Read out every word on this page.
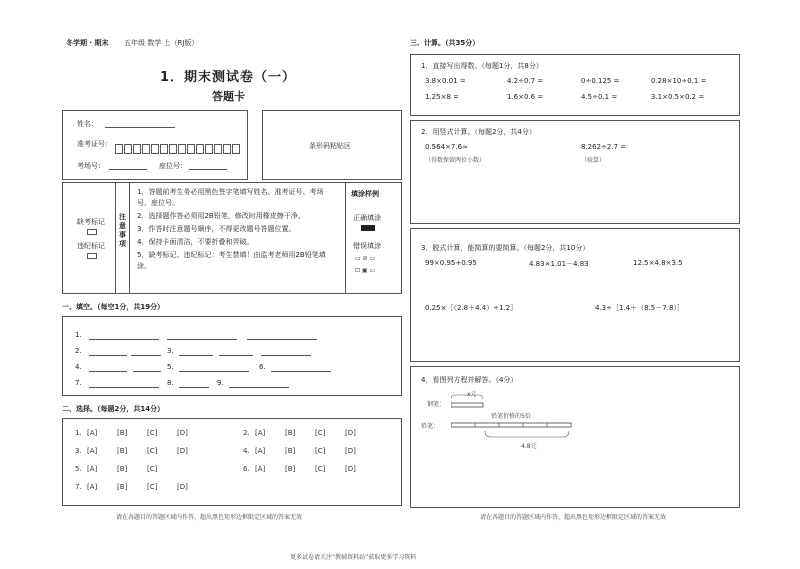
冬学期 · 期末 五年级 数学 上（RJ版）
1．期末测试卷（一）
答题卡
姓名：
准考证号：
考场号：	座位号：
条形码粘贴区
缺考标记
违纪标记
注意事项
1．答题前考生务必用黑色签字笔填写姓名、准考证号、考场号、座位号。
2．选择题作答必须用2B铅笔，修改时用橡皮擦干净。
3．作答时注意题号顺序，不得更改题号答题位置。
4．保持卡面清洁，不要折叠和弄破。
5．缺考标记、违纪标记：考生禁填！由监考老师用2B铅笔填涂。
填涂样例
正确填涂
错误填涂
▭ ⊘ ▭
⊡ ▣ ▭
一、填空。（每空1分，共19分）
1.
2.	3.
4.	5.	6.
7.	8.	9.
二、选择。（每题2分，共14分）
1. [A]	[B]	[C]	[D]	2. [A]	[B]	[C]	[D]
3. [A]	[B]	[C]	[D]	4. [A]	[B]	[C]	[D]
5. [A]	[B]	[C]	6. [A]	[B]	[C]	[D]
7. [A]	[B]	[C]	[D]
请在各题目的答题区域内作答，超出黑色矩形边框限定区域的答案无效
三、计算。（共35分）
1．直接写出得数。（每题1分，共8分）
3.8×0.01 =	4.2÷0.7 =	0÷0.125 =	0.28×10÷0.1 =
1.25×8 =	1.6×0.6 =	4.5÷0.1 =	3.1×0.5×0.2 =
2．用竖式计算。（每题2分，共4分）
0.564×7.6≈
（得数保留两位小数）
8.262÷2.7 =
（验算）
3．脱式计算，能简算的要简算。（每题2分，共10分）
99×0.95+0.95	4.83×1.01－4.83	12.5×4.8×3.5
0.25×［（2.8＋4.4）÷1.2］	4.3÷［1.4＋（8.5－7.8）］
4．看图列方程并解答。（4分）
x元
钢笔：
铅笔价格的5倍
铅笔：
4.8元
请在各题目的答题区域内作答，超出黑色矩形边框限定区域的答案无效
更多试卷请关注“教辅资料站”获取更多学习资料
